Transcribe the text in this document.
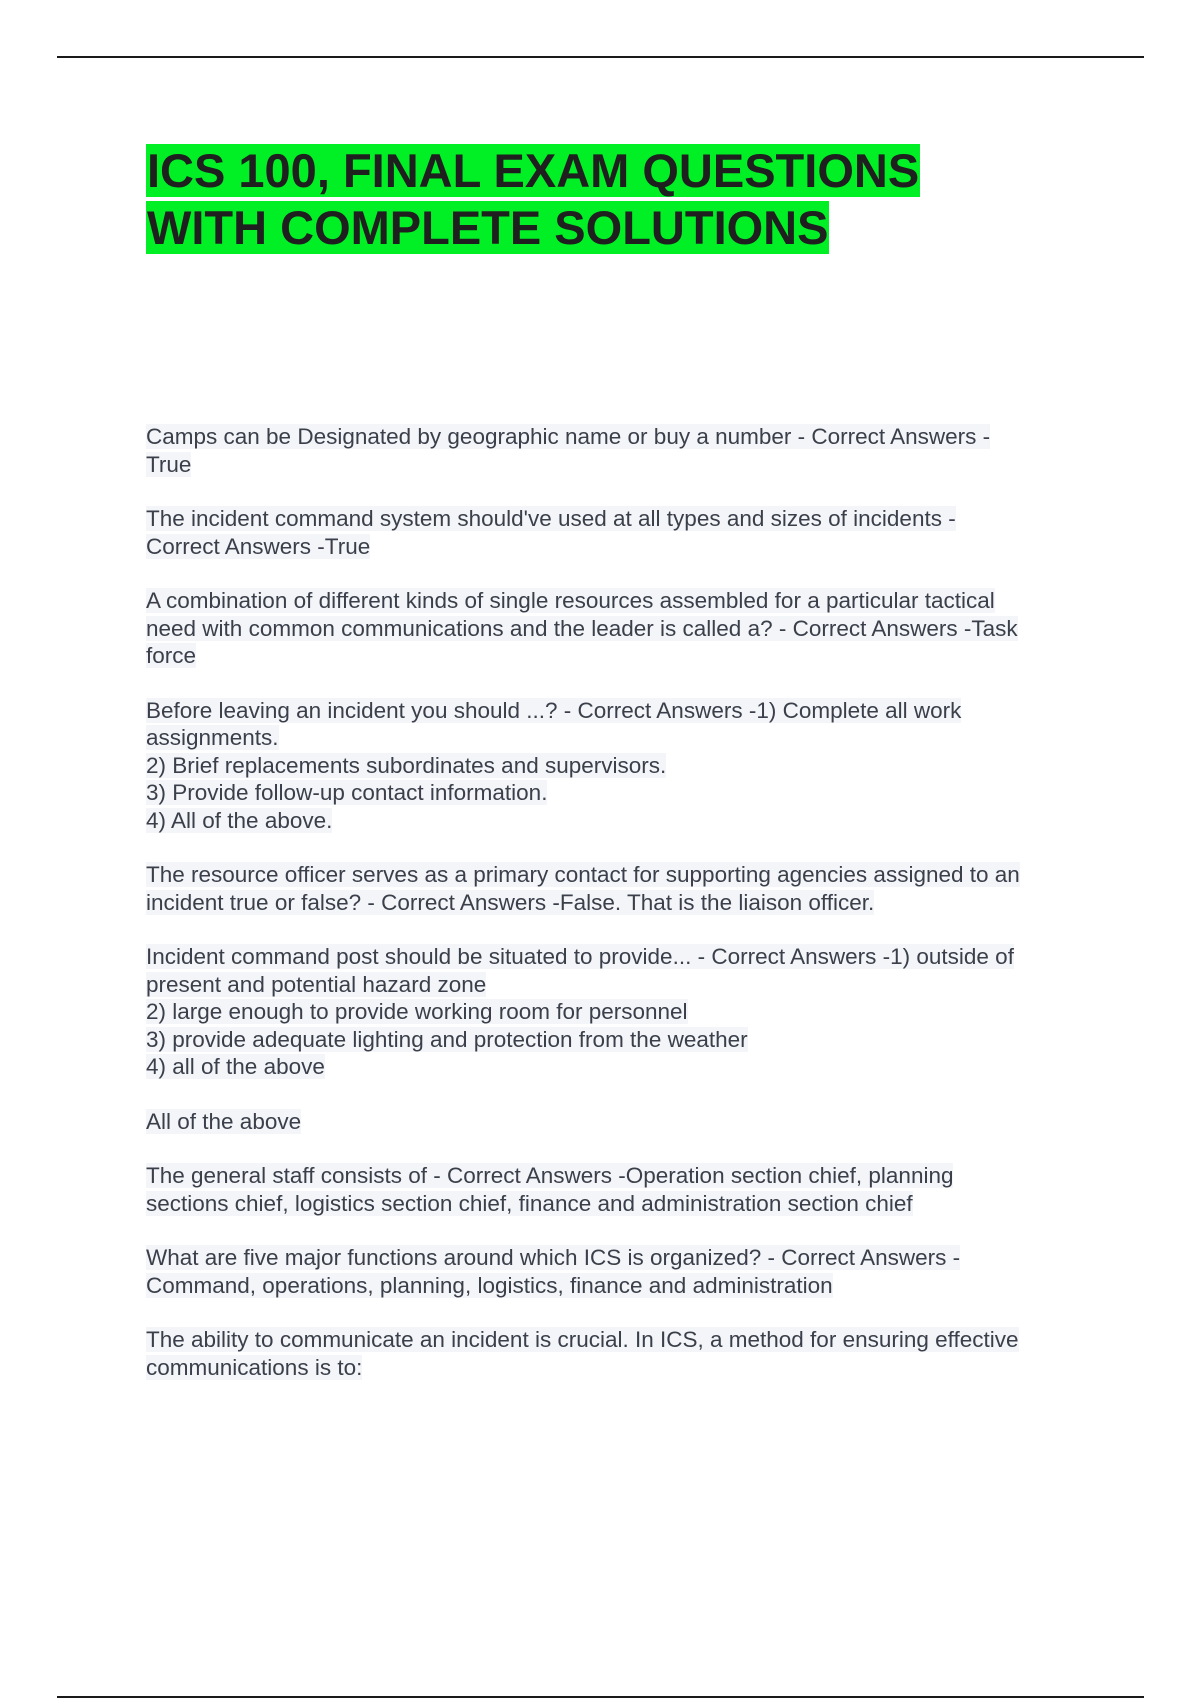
ICS 100, FINAL EXAM QUESTIONS
WITH COMPLETE SOLUTIONS

Camps can be Designated by geographic name or buy a number - Correct Answers -
True

The incident command system should've used at all types and sizes of incidents -
Correct Answers -True

A combination of different kinds of single resources assembled for a particular tactical
need with common communications and the leader is called a? - Correct Answers -Task
force

Before leaving an incident you should ...? - Correct Answers -1) Complete all work
assignments.
2) Brief replacements subordinates and supervisors.
3) Provide follow-up contact information.
4) All of the above.

The resource officer serves as a primary contact for supporting agencies assigned to an
incident true or false? - Correct Answers -False. That is the liaison officer.

Incident command post should be situated to provide... - Correct Answers -1) outside of
present and potential hazard zone
2) large enough to provide working room for personnel
3) provide adequate lighting and protection from the weather
4) all of the above

All of the above

The general staff consists of - Correct Answers -Operation section chief, planning
sections chief, logistics section chief, finance and administration section chief

What are five major functions around which ICS is organized? - Correct Answers -
Command, operations, planning, logistics, finance and administration

The ability to communicate an incident is crucial. In ICS, a method for ensuring effective
communications is to:
